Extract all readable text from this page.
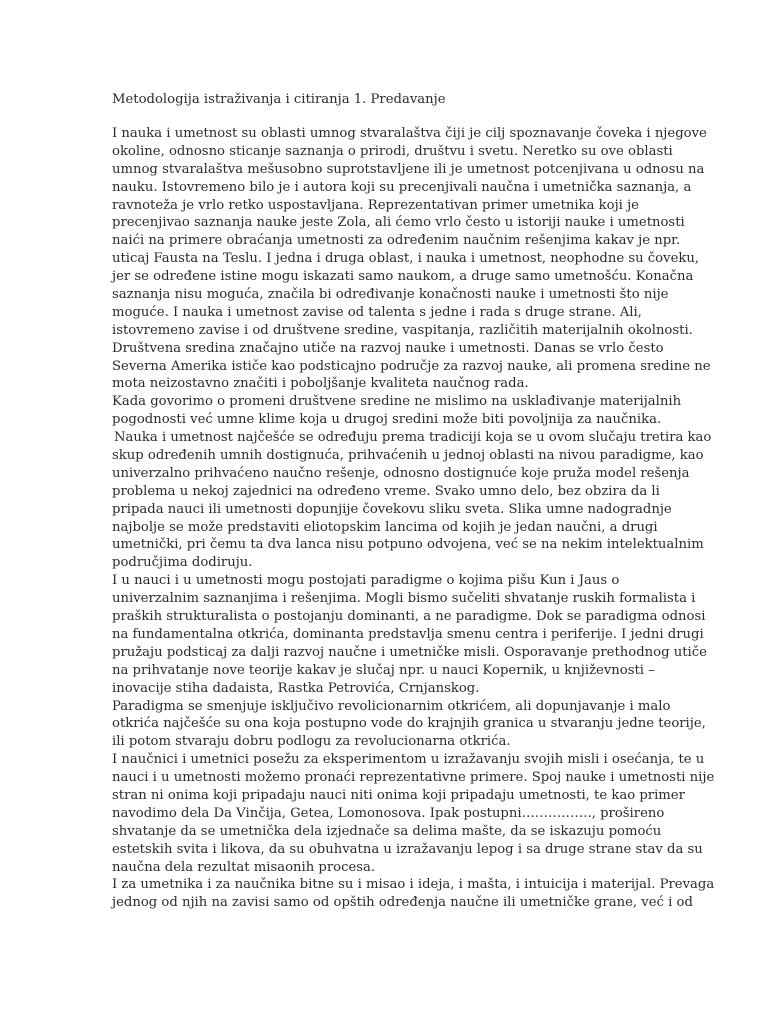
Metodologija istraživanja i citiranja 1. Predavanje
I nauka i umetnost su oblasti umnog stvaralaštva čiji je cilj spoznavanje čoveka i njegove
okoline, odnosno sticanje saznanja o prirodi, društvu i svetu. Neretko su ove oblasti
umnog stvaralaštva mešusobno suprotstavljene ili je umetnost potcenjivana u odnosu na
nauku. Istovremeno bilo je i autora koji su precenjivali naučna i umetnička saznanja, a
ravnoteža je vrlo retko uspostavljana. Reprezentativan primer umetnika koji je
precenjivao saznanja nauke jeste Zola, ali ćemo vrlo često u istoriji nauke i umetnosti
naići na primere obraćanja umetnosti za određenim naučnim rešenjima kakav je npr.
uticaj Fausta na Teslu. I jedna i druga oblast, i nauka i umetnost, neophodne su čoveku,
jer se određene istine mogu iskazati samo naukom, a druge samo umetnošću. Konačna
saznanja nisu moguća, značila bi određivanje konačnosti nauke i umetnosti što nije
moguće. I nauka i umetnost zavise od talenta s jedne i rada s druge strane. Ali,
istovremeno zavise i od društvene sredine, vaspitanja, različitih materijalnih okolnosti.
Društvena sredina značajno utiče na razvoj nauke i umetnosti. Danas se vrlo često
Severna Amerika ističe kao podsticajno područje za razvoj nauke, ali promena sredine ne
mota neizostavno značiti i poboljšanje kvaliteta naučnog rada.
Kada govorimo o promeni društvene sredine ne mislimo na usklađivanje materijalnih
pogodnosti već umne klime koja u drugoj sredini može biti povoljnija za naučnika.
Nauka i umetnost najčešće se određuju prema tradiciji koja se u ovom slučaju tretira kao
skup određenih umnih dostignuća, prihvaćenih u jednoj oblasti na nivou paradigme, kao
univerzalno prihvaćeno naučno rešenje, odnosno dostignuće koje pruža model rešenja
problema u nekoj zajednici na određeno vreme. Svako umno delo, bez obzira da li
pripada nauci ili umetnosti dopunjije čovekovu sliku sveta. Slika umne nadogradnje
najbolje se može predstaviti eliotopskim lancima od kojih je jedan naučni, a drugi
umetnički, pri čemu ta dva lanca nisu potpuno odvojena, već se na nekim intelektualnim
područjima dodiruju.
I u nauci i u umetnosti mogu postojati paradigme o kojima pišu Kun i Jaus o
univerzalnim saznanjima i rešenjima. Mogli bismo sučeliti shvatanje ruskih formalista i
praških strukturalista o postojanju dominanti, a ne paradigme. Dok se paradigma odnosi
na fundamentalna otkrića, dominanta predstavlja smenu centra i periferije. I jedni drugi
pružaju podsticaj za dalji razvoj naučne i umetničke misli. Osporavanje prethodnog utiče
na prihvatanje nove teorije kakav je slučaj npr. u nauci Kopernik, u književnosti –
inovacije stiha dadaista, Rastka Petrovića, Crnjanskog.
Paradigma se smenjuje isključivo revolicionarnim otkrićem, ali dopunjavanje i malo
otkrića najčešće su ona koja postupno vode do krajnjih granica u stvaranju jedne teorije,
ili potom stvaraju dobru podlogu za revolucionarna otkrića.
I naučnici i umetnici posežu za eksperimentom u izražavanju svojih misli i osećanja, te u
nauci i u umetnosti možemo pronaći reprezentativne primere. Spoj nauke i umetnosti nije
stran ni onima koji pripadaju nauci niti onima koji pripadaju umetnosti, te kao primer
navodimo dela Da Vinčija, Getea, Lomonosova. Ipak postupni……………., prošireno
shvatanje da se umetnička dela izjednače sa delima mašte, da se iskazuju pomoću
estetskih svita i likova, da su obuhvatna u izražavanju lepog i sa druge strane stav da su
naučna dela rezultat misaonih procesa.
I za umetnika i za naučnika bitne su i misao i ideja, i mašta, i intuicija i materijal. Prevaga
jednog od njih na zavisi samo od opštih određenja naučne ili umetničke grane, već i od
